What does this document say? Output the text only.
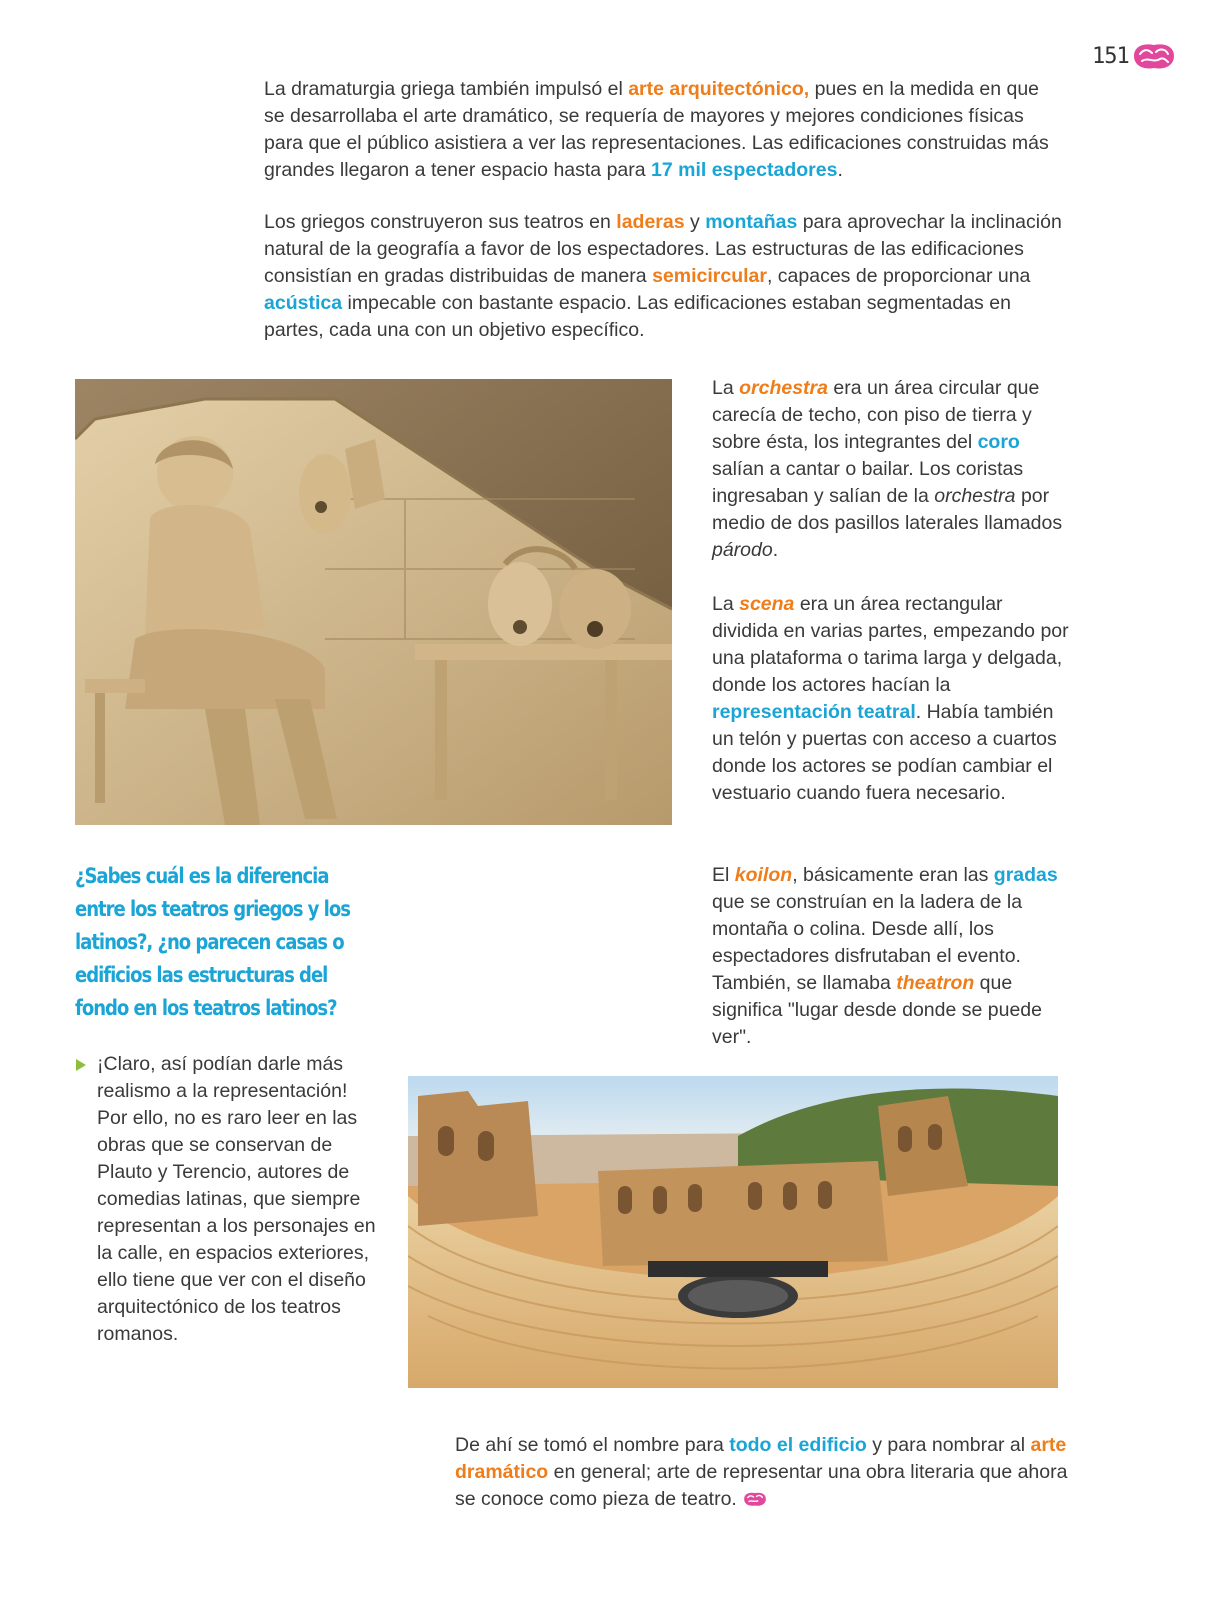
151

La dramaturgia griega también impulsó el arte arquitectónico, pues en la medida en que se desarrollaba el arte dramático, se requería de mayores y mejores condiciones físicas para que el público asistiera a ver las representaciones. Las edificaciones construidas más grandes llegaron a tener espacio hasta para 17 mil espectadores.

Los griegos construyeron sus teatros en laderas y montañas para aprovechar la inclinación natural de la geografía a favor de los espectadores. Las estructuras de las edificaciones consistían en gradas distribuidas de manera semicircular, capaces de proporcionar una acústica impecable con bastante espacio. Las edificaciones estaban segmentadas en partes, cada una con un objetivo específico.

La orchestra era un área circular que carecía de techo, con piso de tierra y sobre ésta, los integrantes del coro salían a cantar o bailar. Los coristas ingresaban y salían de la orchestra por medio de dos pasillos laterales llamados párodo.

La scena era un área rectangular dividida en varias partes, empezando por una plataforma o tarima larga y delgada, donde los actores hacían la representación teatral. Había también un telón y puertas con acceso a cuartos donde los actores se podían cambiar el vestuario cuando fuera necesario.

El koilon, básicamente eran las gradas que se construían en la ladera de la montaña o colina. Desde allí, los espectadores disfrutaban el evento. También, se llamaba theatron que significa "lugar desde donde se puede ver".

¿Sabes cuál es la diferencia entre los teatros griegos y los latinos?, ¿no parecen casas o edificios las estructuras del fondo en los teatros latinos?

¡Claro, así podían darle más realismo a la representación! Por ello, no es raro leer en las obras que se conservan de Plauto y Terencio, autores de comedias latinas, que siempre representan a los personajes en la calle, en espacios exteriores, ello tiene que ver con el diseño arquitectónico de los teatros romanos.

De ahí se tomó el nombre para todo el edificio y para nombrar al arte dramático en general; arte de representar una obra literaria que ahora se conoce como pieza de teatro.
